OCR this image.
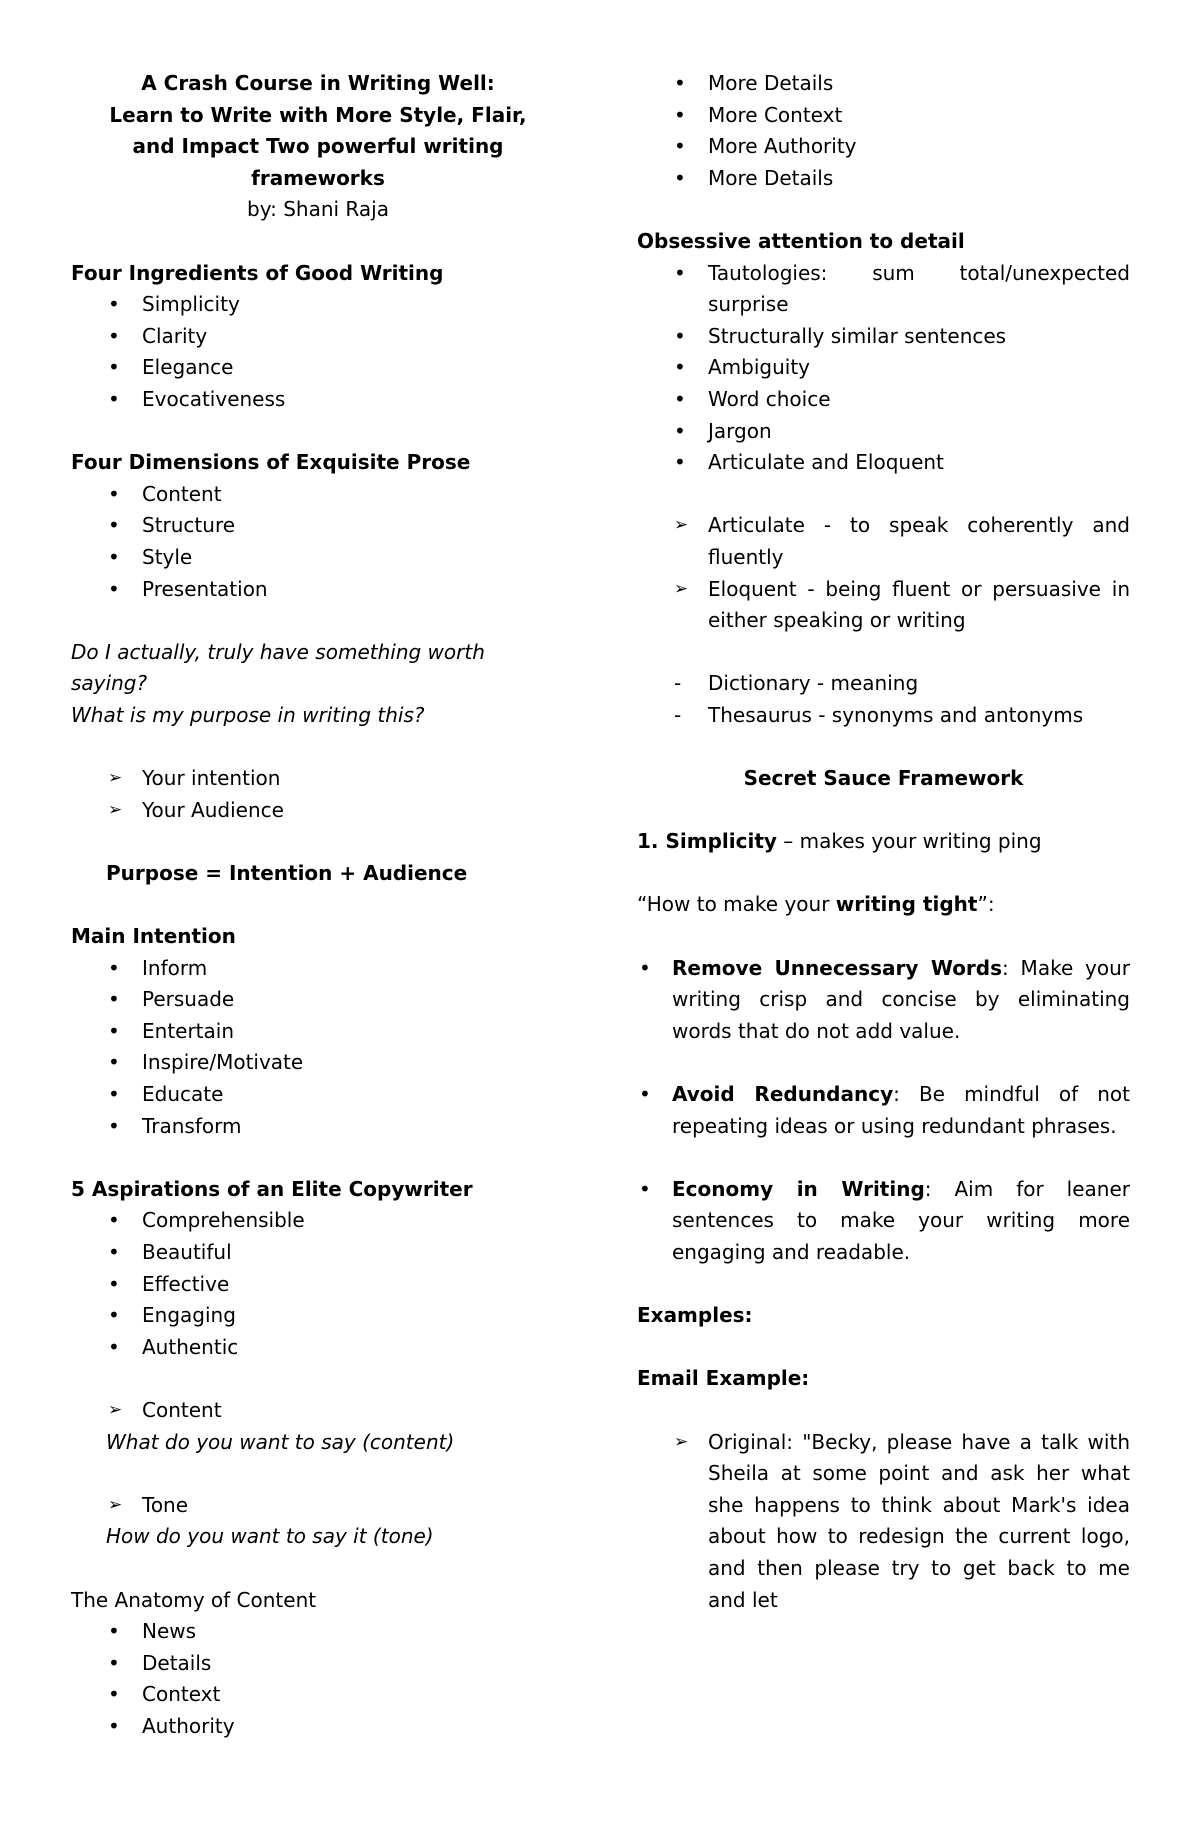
A Crash Course in Writing Well:
Learn to Write with More Style, Flair,
and Impact Two powerful writing
frameworks
by: Shani Raja
Four Ingredients of Good Writing
• Simplicity
• Clarity
• Elegance
• Evocativeness
Four Dimensions of Exquisite Prose
• Content
• Structure
• Style
• Presentation
Do I actually, truly have something worth saying?
What is my purpose in writing this?
➢ Your intention
➢ Your Audience
Purpose = Intention + Audience
Main Intention
• Inform
• Persuade
• Entertain
• Inspire/Motivate
• Educate
• Transform
5 Aspirations of an Elite Copywriter
• Comprehensible
• Beautiful
• Effective
• Engaging
• Authentic
➢ Content
What do you want to say (content)
➢ Tone
How do you want to say it (tone)
The Anatomy of Content
• News
• Details
• Context
• Authority
• More Details
• More Context
• More Authority
• More Details
Obsessive attention to detail
• Tautologies: sum total/unexpected surprise
• Structurally similar sentences
• Ambiguity
• Word choice
• Jargon
• Articulate and Eloquent
➢ Articulate - to speak coherently and fluently
➢ Eloquent - being fluent or persuasive in either speaking or writing
- Dictionary - meaning
- Thesaurus - synonyms and antonyms
Secret Sauce Framework
1. Simplicity – makes your writing ping
“How to make your writing tight”:
• Remove Unnecessary Words: Make your writing crisp and concise by eliminating words that do not add value.
• Avoid Redundancy: Be mindful of not repeating ideas or using redundant phrases.
• Economy in Writing: Aim for leaner sentences to make your writing more engaging and readable.
Examples:
Email Example:
➢ Original: "Becky, please have a talk with Sheila at some point and ask her what she happens to think about Mark's idea about how to redesign the current logo, and then please try to get back to me and let
